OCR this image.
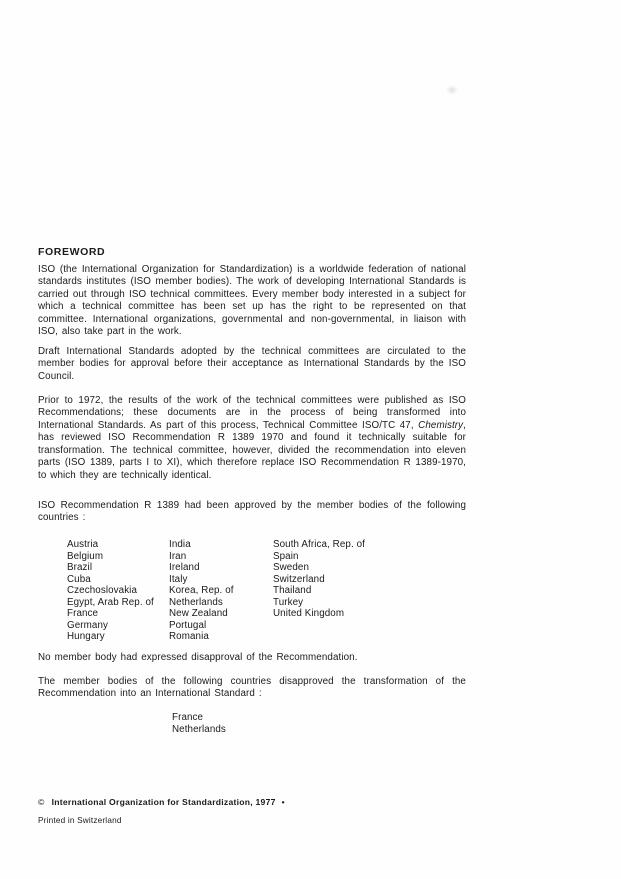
FOREWORD

ISO (the International Organization for Standardization) is a worldwide federation of national standards institutes (ISO member bodies). The work of developing International Standards is carried out through ISO technical committees. Every member body interested in a subject for which a technical committee has been set up has the right to be represented on that committee. International organizations, governmental and non-governmental, in liaison with ISO, also take part in the work.

Draft International Standards adopted by the technical committees are circulated to the member bodies for approval before their acceptance as International Standards by the ISO Council.

Prior to 1972, the results of the work of the technical committees were published as ISO Recommendations; these documents are in the process of being transformed into International Standards. As part of this process, Technical Committee ISO/TC 47, Chemistry, has reviewed ISO Recommendation R 1389 1970 and found it technically suitable for transformation. The technical committee, however, divided the recommendation into eleven parts (ISO 1389, parts I to XI), which therefore replace ISO Recommendation R 1389-1970, to which they are technically identical.

ISO Recommendation R 1389 had been approved by the member bodies of the following countries :

Austria
Belgium
Brazil
Cuba
Czechoslovakia
Egypt, Arab Rep. of
France
Germany
Hungary
India
Iran
Ireland
Italy
Korea, Rep. of
Netherlands
New Zealand
Portugal
Romania
South Africa, Rep. of
Spain
Sweden
Switzerland
Thailand
Turkey
United Kingdom

No member body had expressed disapproval of the Recommendation.

The member bodies of the following countries disapproved the transformation of the Recommendation into an International Standard :

France
Netherlands
© International Organization for Standardization, 1977 •
Printed in Switzerland
